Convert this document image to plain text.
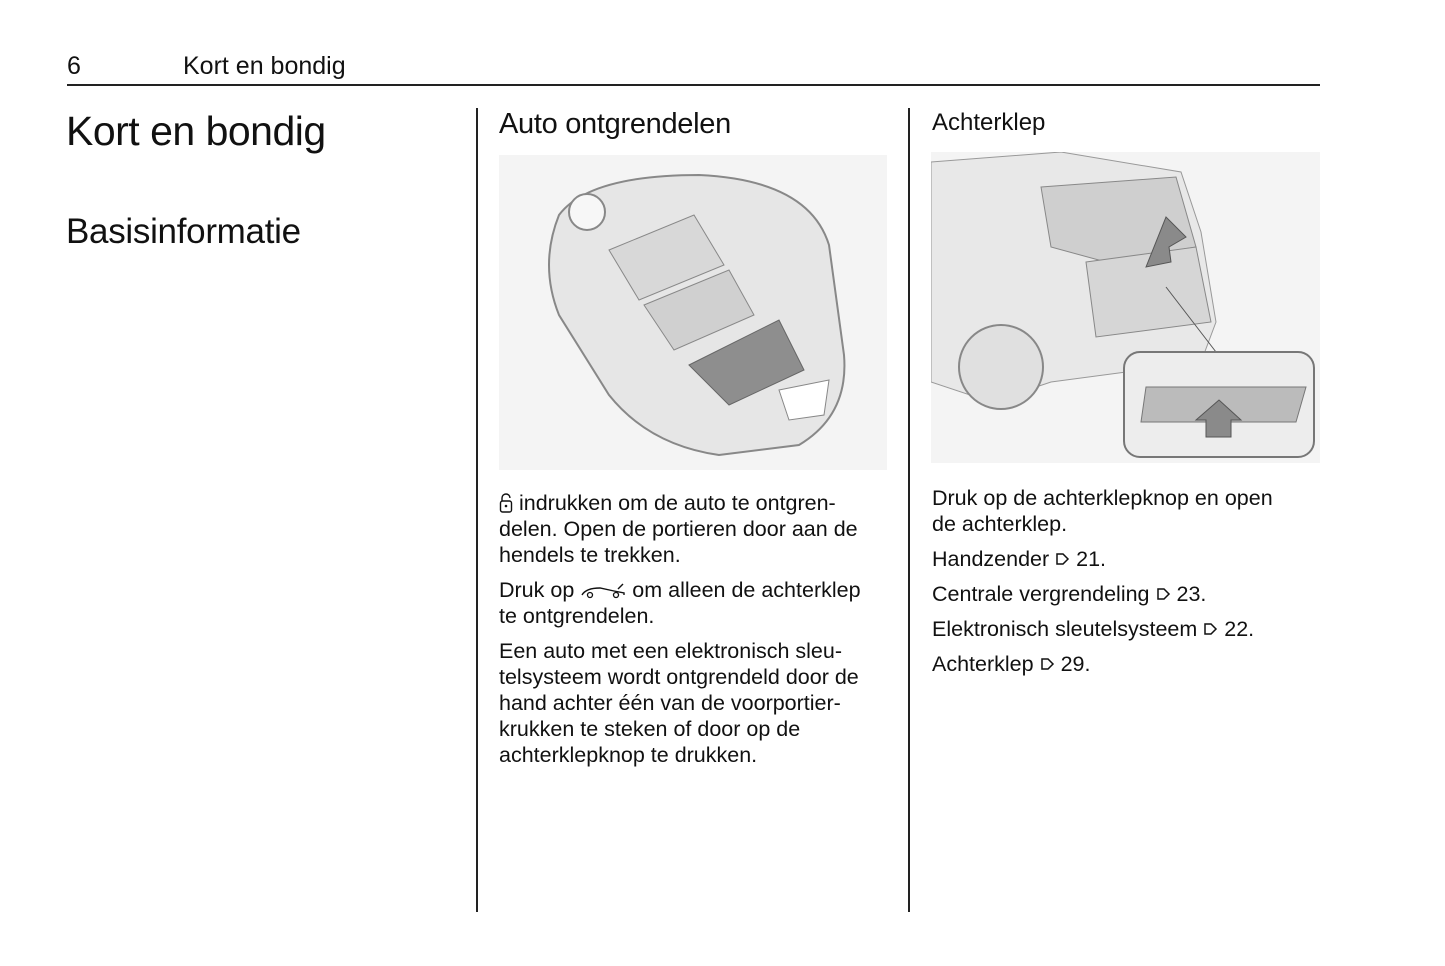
6	Kort en bondig
Kort en bondig
Basisinformatie
Auto ontgrendelen

indrukken om de auto te ontgren-
delen. Open de portieren door aan de
hendels te trekken.

Druk op	om alleen de achterklep
te ontgrendelen.

Een auto met een elektronisch sleu-
telsysteem wordt ontgrendeld door de
hand achter één van de voorportier-
krukken te steken of door op de
achterklepknop te drukken.

Achterklep

Druk op de achterklepknop en open
de achterklep.

Handzender 21.

Centrale vergrendeling 23.

Elektronisch sleutelsysteem 22.

Achterklep 29.
